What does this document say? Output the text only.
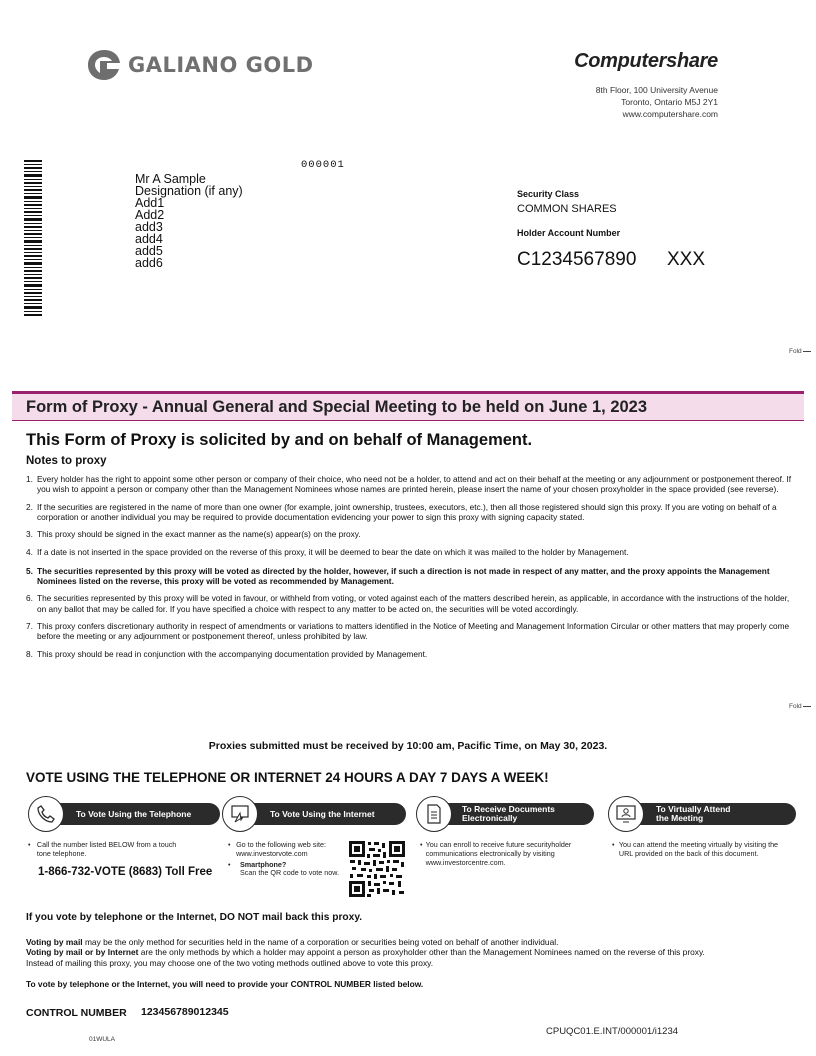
GALIANO GOLD	Computershare
8th Floor, 100 University Avenue
Toronto, Ontario M5J 2Y1
www.computershare.com
000001
Mr A Sample
Designation (if any)
Add1
Add2
add3
add4
add5
add6
Security Class
COMMON SHARES
Holder Account Number
C1234567890 XXX
Fold
Form of Proxy - Annual General and Special Meeting to be held on June 1, 2023
This Form of Proxy is solicited by and on behalf of Management.
Notes to proxy
1. Every holder has the right to appoint some other person or company of their choice, who need not be a holder, to attend and act on their behalf at the meeting or any adjournment or postponement thereof. If you wish to appoint a person or company other than the Management Nominees whose names are printed herein, please insert the name of your chosen proxyholder in the space provided (see reverse).
2. If the securities are registered in the name of more than one owner (for example, joint ownership, trustees, executors, etc.), then all those registered should sign this proxy. If you are voting on behalf of a corporation or another individual you may be required to provide documentation evidencing your power to sign this proxy with signing capacity stated.
3. This proxy should be signed in the exact manner as the name(s) appear(s) on the proxy.
4. If a date is not inserted in the space provided on the reverse of this proxy, it will be deemed to bear the date on which it was mailed to the holder by Management.
5. The securities represented by this proxy will be voted as directed by the holder, however, if such a direction is not made in respect of any matter, and the proxy appoints the Management Nominees listed on the reverse, this proxy will be voted as recommended by Management.
6. The securities represented by this proxy will be voted in favour, or withheld from voting, or voted against each of the matters described herein, as applicable, in accordance with the instructions of the holder, on any ballot that may be called for. If you have specified a choice with respect to any matter to be acted on, the securities will be voted accordingly.
7. This proxy confers discretionary authority in respect of amendments or variations to matters identified in the Notice of Meeting and Management Information Circular or other matters that may properly come before the meeting or any adjournment or postponement thereof, unless prohibited by law.
8. This proxy should be read in conjunction with the accompanying documentation provided by Management.
Fold
Proxies submitted must be received by 10:00 am, Pacific Time, on May 30, 2023.
VOTE USING THE TELEPHONE OR INTERNET 24 HOURS A DAY 7 DAYS A WEEK!
To Vote Using the Telephone
• Call the number listed BELOW from a touch tone telephone.
1-866-732-VOTE (8683) Toll Free
To Vote Using the Internet
• Go to the following web site: www.investorvote.com
•	Smartphone?
Scan the QR code to vote now.
To Receive Documents
Electronically
• You can enroll to receive future securityholder communications electronically by visiting www.investorcentre.com.
To Virtually Attend
the Meeting
• You can attend the meeting virtually by visiting the URL provided on the back of this document.
If you vote by telephone or the Internet, DO NOT mail back this proxy.
Voting by mail may be the only method for securities held in the name of a corporation or securities being voted on behalf of another individual.
Voting by mail or by Internet are the only methods by which a holder may appoint a person as proxyholder other than the Management Nominees named on the reverse of this proxy.
Instead of mailing this proxy, you may choose one of the two voting methods outlined above to vote this proxy.
To vote by telephone or the Internet, you will need to provide your CONTROL NUMBER listed below.
CONTROL NUMBER 123456789012345
01WULA
CPUQC01.E.INT/000001/i1234
